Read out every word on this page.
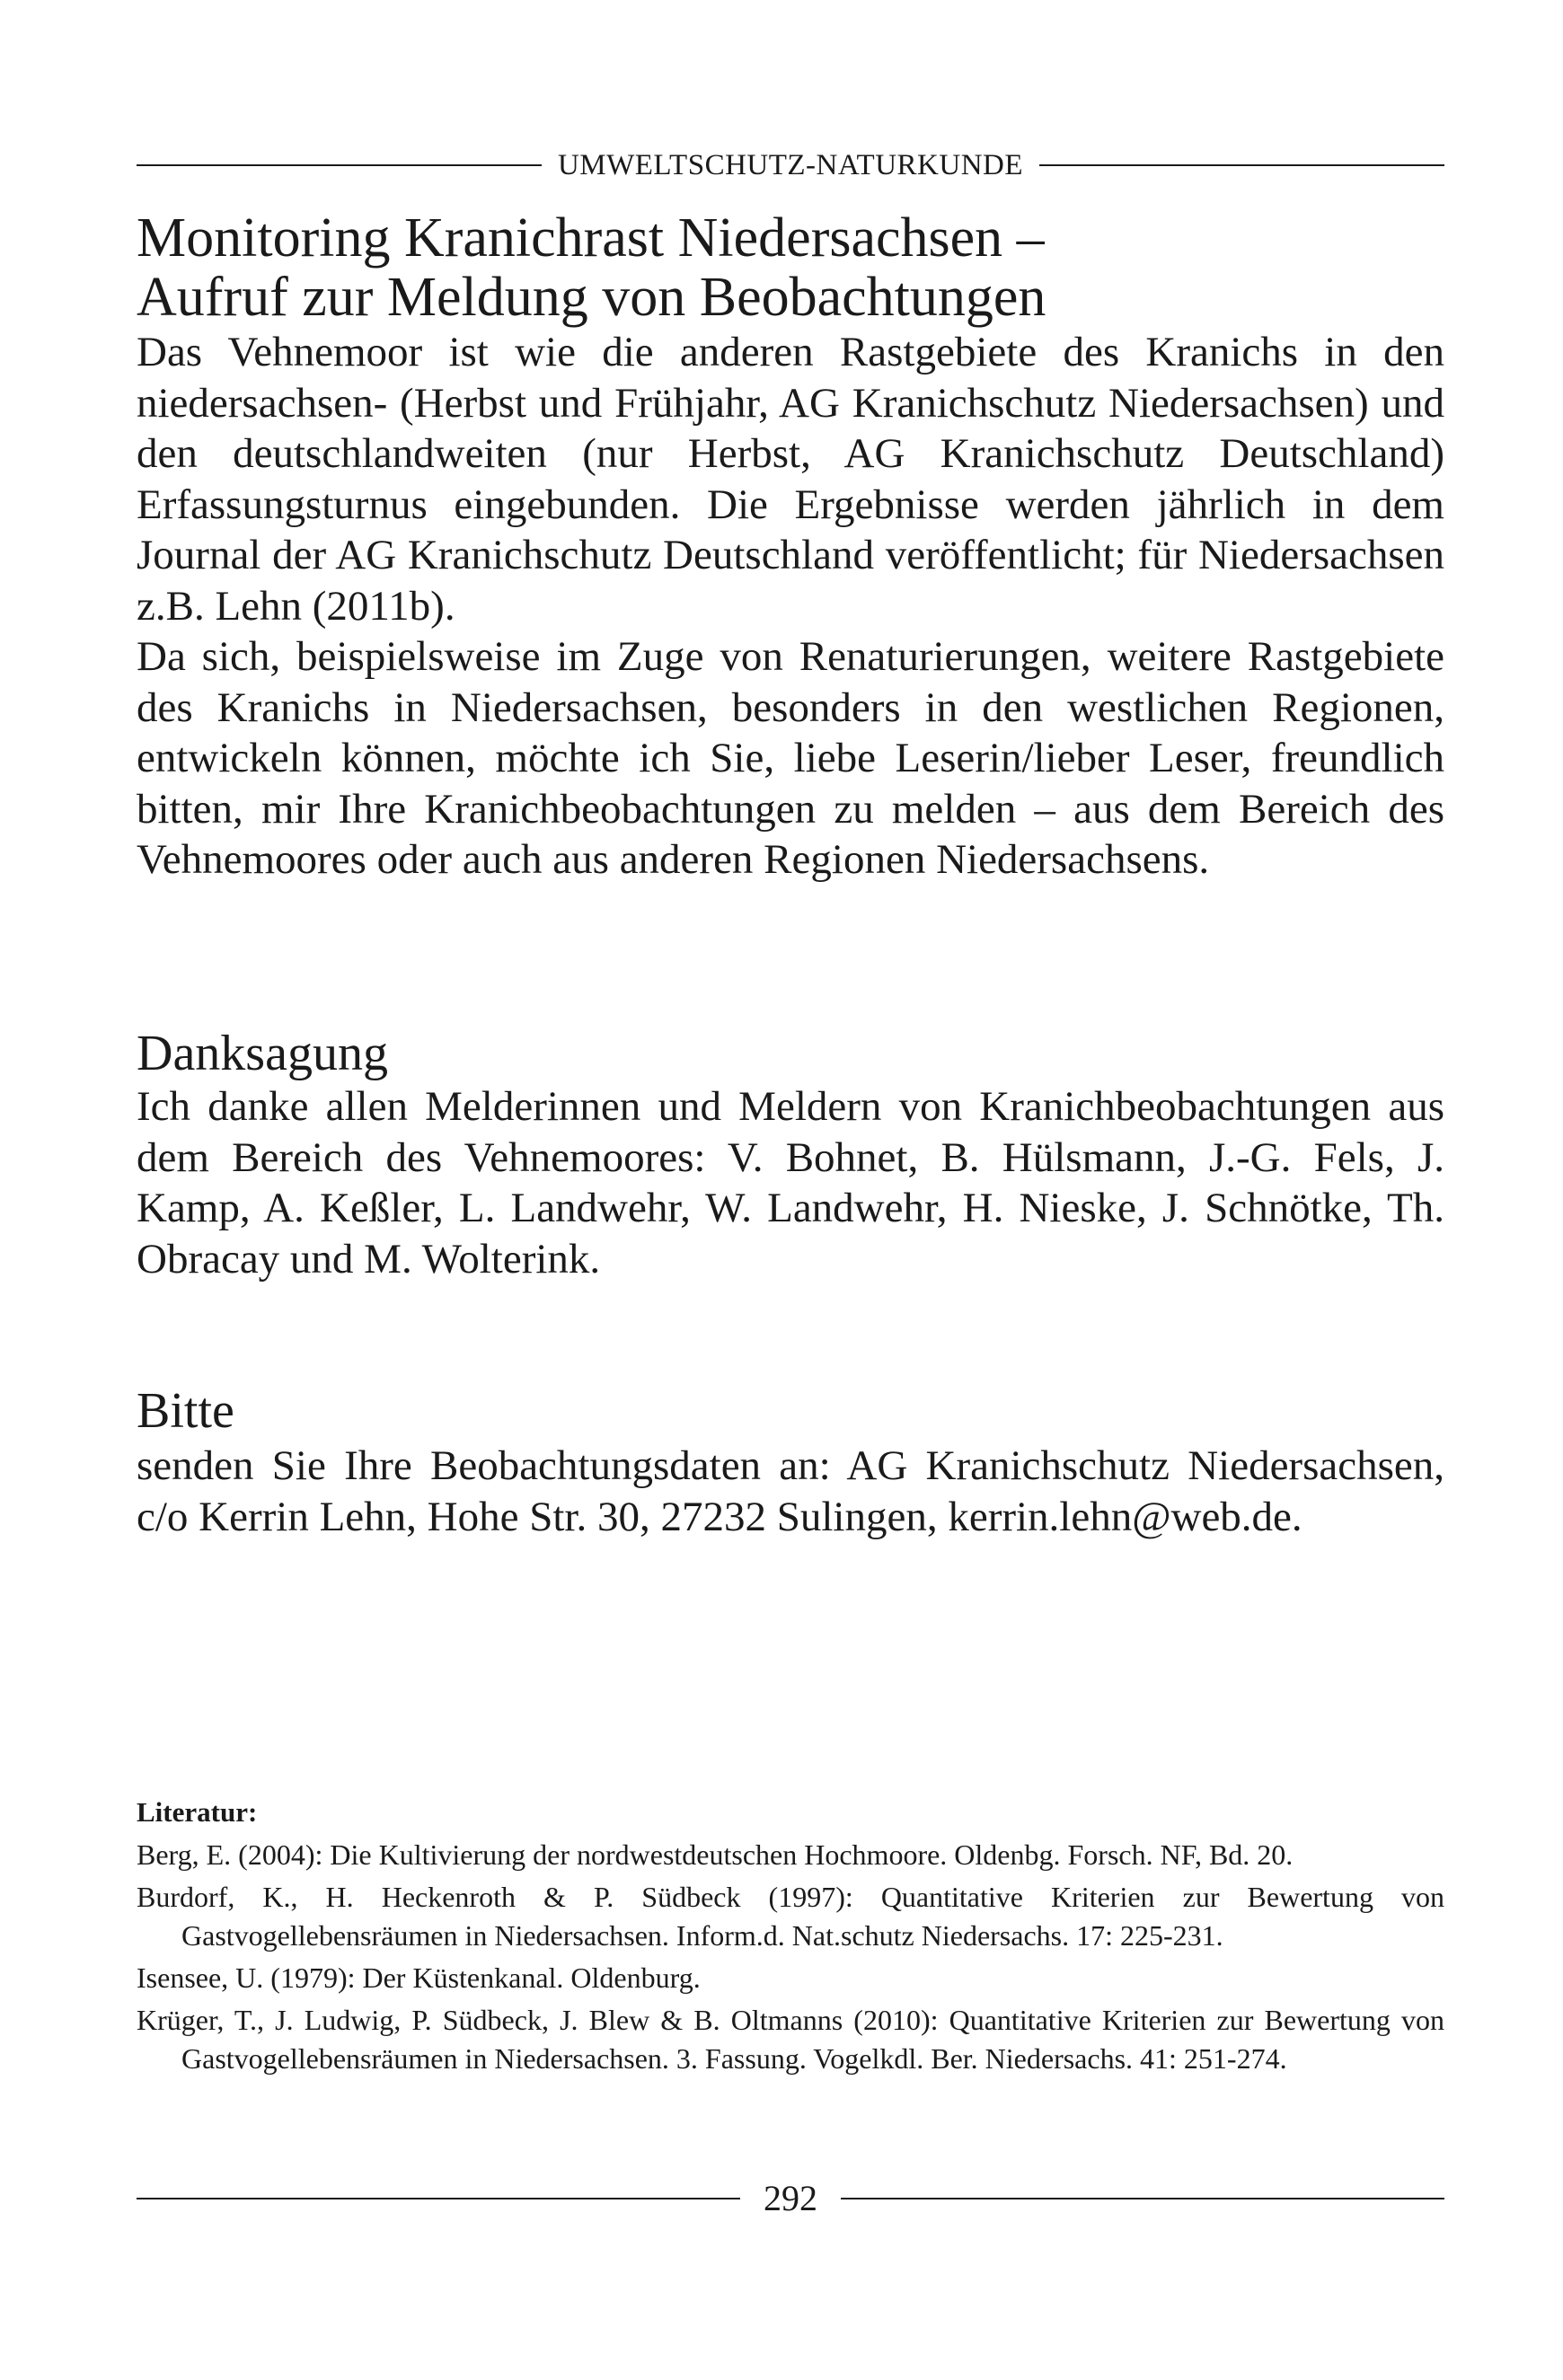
UMWELTSCHUTZ-NATURKUNDE
Monitoring Kranichrast Niedersachsen –
Aufruf zur Meldung von Beobachtungen

Das Vehnemoor ist wie die anderen Rastgebiete des Kranichs in den niedersachsen- (Herbst und Frühjahr, AG Kranichschutz Niedersachsen) und den deutschlandweiten (nur Herbst, AG Kranichschutz Deutschland) Erfassungsturnus eingebunden. Die Ergebnisse werden jährlich in dem Journal der AG Kranichschutz Deutschland veröffentlicht; für Niedersachsen z.B. Lehn (2011b).

Da sich, beispielsweise im Zuge von Renaturierungen, weitere Rastgebiete des Kranichs in Niedersachsen, besonders in den westlichen Regionen, entwickeln können, möchte ich Sie, liebe Leserin/lieber Leser, freundlich bitten, mir Ihre Kranichbeobachtungen zu melden – aus dem Bereich des Vehnemoores oder auch aus anderen Regionen Niedersachsens.

Danksagung

Ich danke allen Melderinnen und Meldern von Kranichbeobachtungen aus dem Bereich des Vehnemoores: V. Bohnet, B. Hülsmann, J.-G. Fels, J. Kamp, A. Keßler, L. Landwehr, W. Landwehr, H. Nieske, J. Schnötke, Th. Obracay und M. Wolterink.

Bitte

senden Sie Ihre Beobachtungsdaten an: AG Kranichschutz Niedersachsen, c/o Kerrin Lehn, Hohe Str. 30, 27232 Sulingen, kerrin.lehn@web.de.

Literatur:

Berg, E. (2004): Die Kultivierung der nordwestdeutschen Hochmoore. Oldenbg. Forsch. NF, Bd. 20.

Burdorf, K., H. Heckenroth & P. Südbeck (1997): Quantitative Kriterien zur Bewertung von Gastvogellebensräumen in Niedersachsen. Inform.d. Nat.schutz Niedersachs. 17: 225-231.

Isensee, U. (1979): Der Küstenkanal. Oldenburg.

Krüger, T., J. Ludwig, P. Südbeck, J. Blew & B. Oltmanns (2010): Quantitative Kriterien zur Bewertung von Gastvogellebensräumen in Niedersachsen. 3. Fassung. Vogelkdl. Ber. Niedersachs. 41: 251-274.

292
